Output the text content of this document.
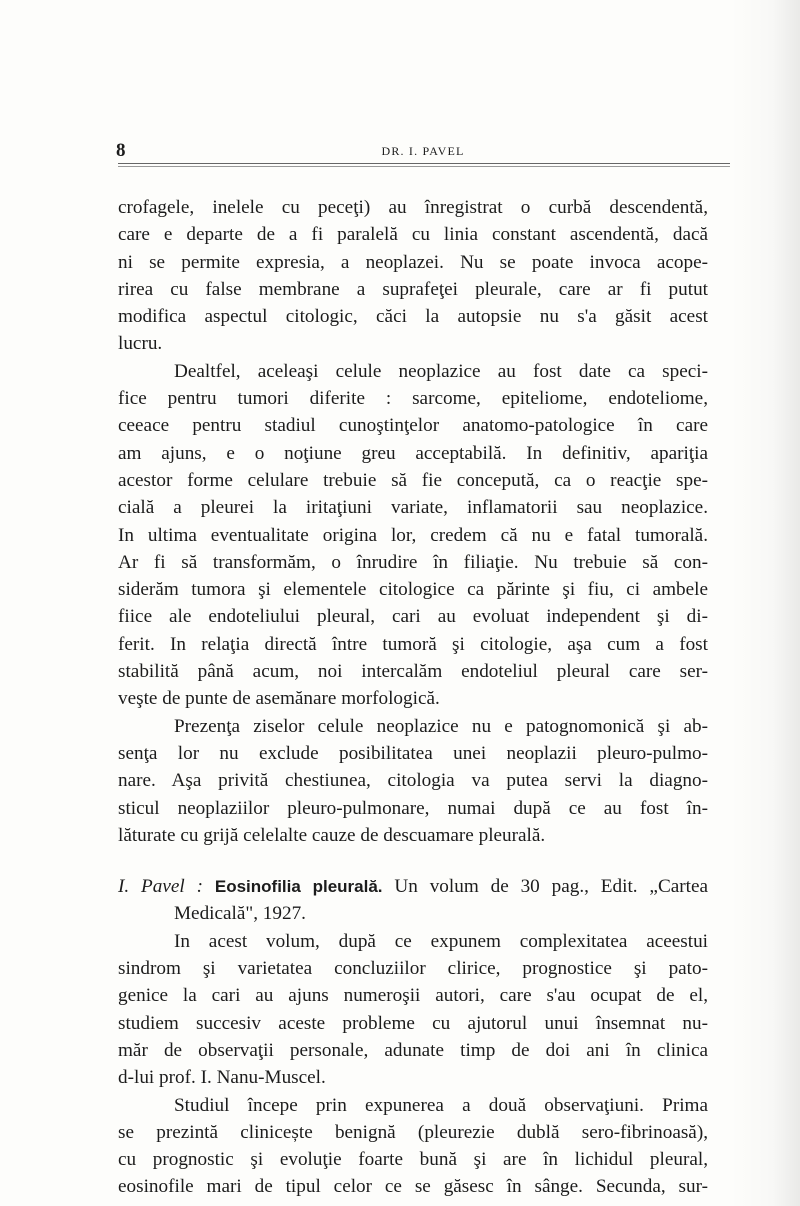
8	DR. I. PAVEL
crofagele, inelele cu peceţi) au înregistrat o curbă descendentă,
care e departe de a fi paralelă cu linia constant ascendentă, dacă
ni se permite expresia, a neoplazei. Nu se poate invoca acope-
rirea cu false membrane a suprafeţei pleurale, care ar fi putut
modifica aspectul citologic, căci la autopsie nu s'a găsit acest
lucru.
Dealtfel, aceleaşi celule neoplazice au fost date ca speci-
fice pentru tumori diferite : sarcome, epiteliome, endoteliome,
ceeace pentru stadiul cunoştinţelor anatomo-patologice în care
am ajuns, e o noţiune greu acceptabilă. In definitiv, apariţia
acestor forme celulare trebuie să fie concepută, ca o reacţie spe-
cială a pleurei la iritaţiuni variate, inflamatorii sau neoplazice.
In ultima eventualitate origina lor, credem că nu e fatal tumorală.
Ar fi să transformăm, o înrudire în filiaţie. Nu trebuie să con-
siderăm tumora şi elementele citologice ca părinte şi fiu, ci ambele
fiice ale endoteliului pleural, cari au evoluat independent şi di-
ferit. In relaţia directă între tumoră şi citologie, aşa cum a fost
stabilită până acum, noi intercalăm endoteliul pleural care ser-
veşte de punte de asemănare morfologică.
Prezenţa ziselor celule neoplazice nu e patognomonică şi ab-
senţa lor nu exclude posibilitatea unei neoplazii pleuro-pulmo-
nare. Aşa privită chestiunea, citologia va putea servi la diagno-
sticul neoplaziilor pleuro-pulmonare, numai după ce au fost în-
lăturate cu grijă celelalte cauze de descuamare pleurală.
I. Pavel : Eosinofilia pleurală. Un volum de 30 pag., Edit. „Cartea
Medicală", 1927.
In acest volum, după ce expunem complexitatea aceestui
sindrom şi varietatea concluziilor clirice, prognostice şi pato-
genice la cari au ajuns numeroşii autori, care s'au ocupat de el,
studiem succesiv aceste probleme cu ajutorul unui însemnat nu-
măr de observaţii personale, adunate timp de doi ani în clinica
d-lui prof. I. Nanu-Muscel.
Studiul începe prin expunerea a două observaţiuni. Prima
se prezintă clinicește benignă (pleurezie dublă sero-fibrinoasă),
cu prognostic şi evoluţie foarte bună şi are în lichidul pleural,
eosinofile mari de tipul celor ce se găsesc în sânge. Secunda, sur-
